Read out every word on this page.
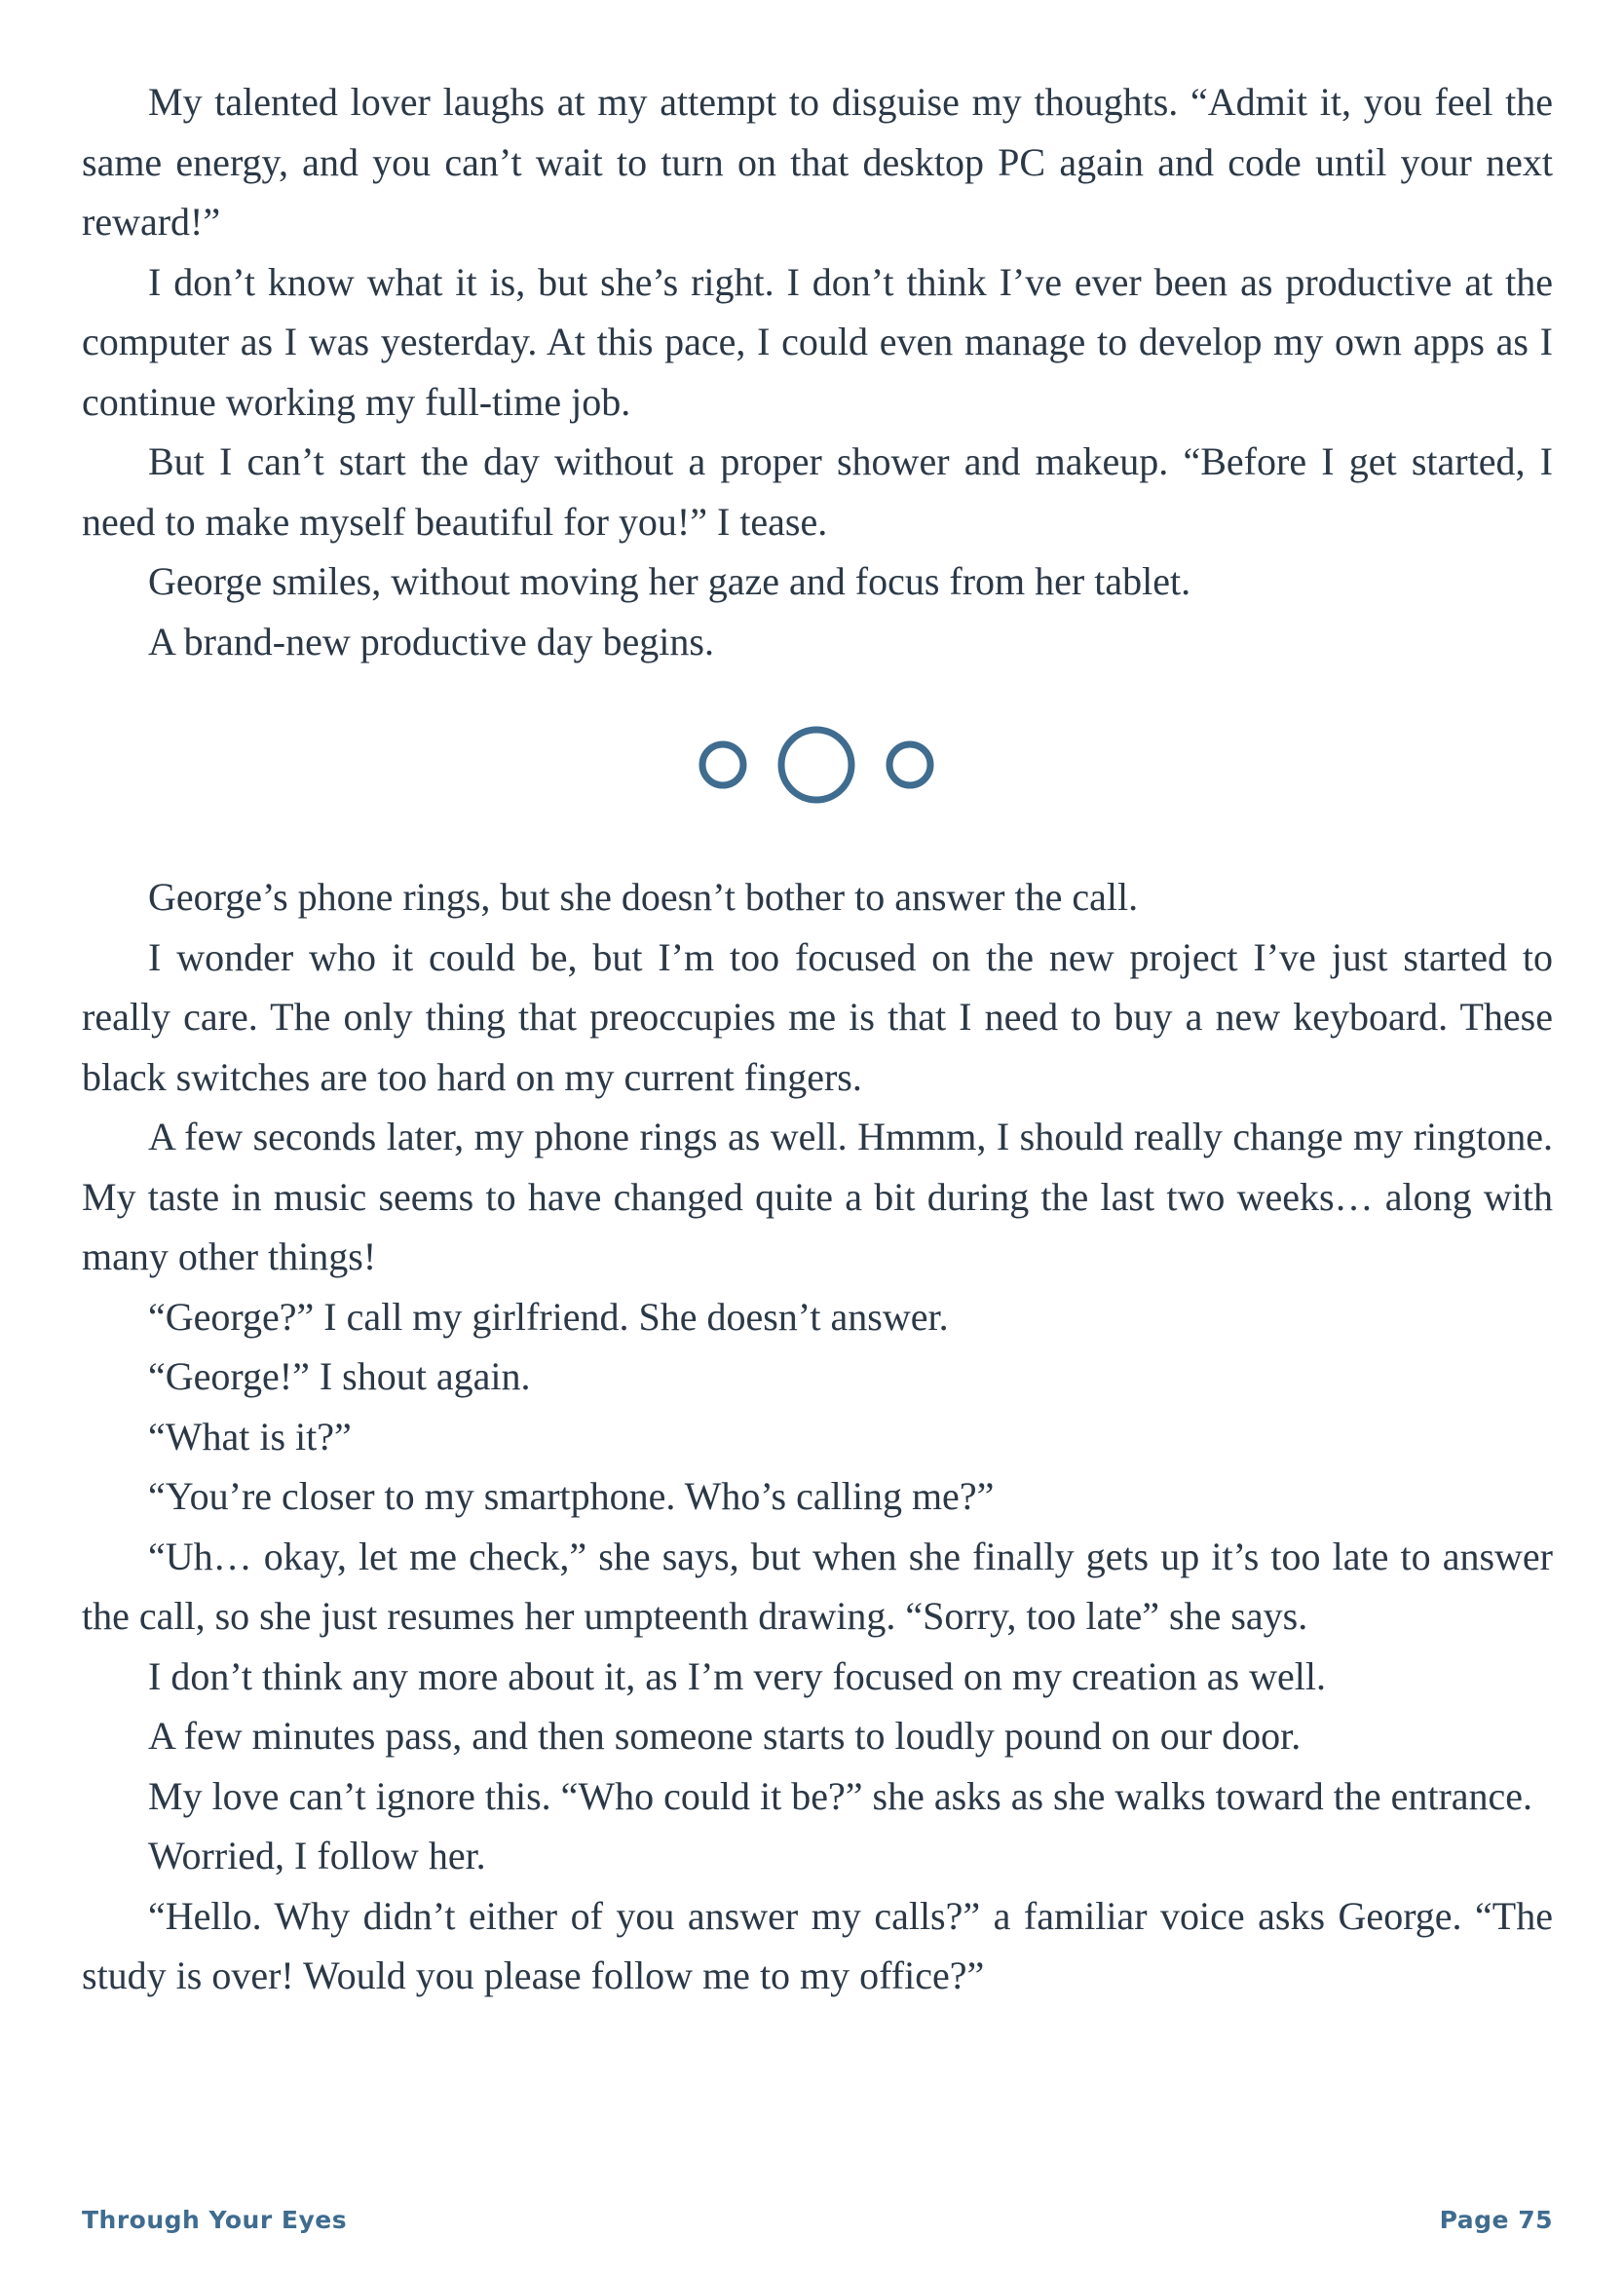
My talented lover laughs at my attempt to disguise my thoughts. “Admit it, you feel the same energy, and you can’t wait to turn on that desktop PC again and code until your next reward!”

I don’t know what it is, but she’s right. I don’t think I’ve ever been as productive at the computer as I was yesterday. At this pace, I could even manage to develop my own apps as I continue working my full-time job.

But I can’t start the day without a proper shower and makeup. “Before I get started, I need to make myself beautiful for you!” I tease.

George smiles, without moving her gaze and focus from her tablet.

A brand-new productive day begins.

George’s phone rings, but she doesn’t bother to answer the call.

I wonder who it could be, but I’m too focused on the new project I’ve just started to really care. The only thing that preoccupies me is that I need to buy a new keyboard. These black switches are too hard on my current fingers.

A few seconds later, my phone rings as well. Hmmm, I should really change my ringtone. My taste in music seems to have changed quite a bit during the last two weeks… along with many other things!

“George?” I call my girlfriend. She doesn’t answer.

“George!” I shout again.

“What is it?”

“You’re closer to my smartphone. Who’s calling me?”

“Uh… okay, let me check,” she says, but when she finally gets up it’s too late to answer the call, so she just resumes her umpteenth drawing. “Sorry, too late” she says.

I don’t think any more about it, as I’m very focused on my creation as well.

A few minutes pass, and then someone starts to loudly pound on our door.

My love can’t ignore this. “Who could it be?” she asks as she walks toward the entrance.

Worried, I follow her.

“Hello. Why didn’t either of you answer my calls?” a familiar voice asks George. “The study is over! Would you please follow me to my office?”

Through Your Eyes	Page 75
